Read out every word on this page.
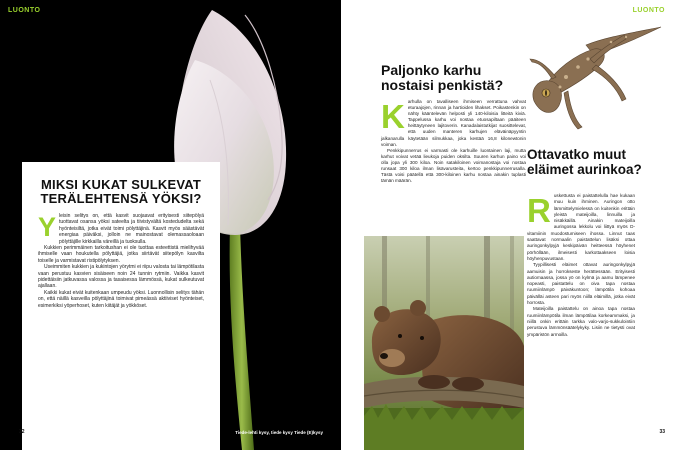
LUONTO
MIKSI KUKAT SULKEVAT TERÄLEHTENSÄ YÖKSI?
Y leisin selitys on, että kasvit suojaavat erityisesti siitepölyä tuottavat osansa yöksi sateelta ja tiivistyvältä kostedudelta sekä hyönteisiltä, jotka eivät toimi pölyttäjinä. Kasvit myös säästävät energiaa päiväksi, jolloin ne mainostavat olemassaoloaan pölyttäjille kirkkailla väreillä ja tuoksulla.

Kukkien perimmäinen tarkoitushan ei ole tuottaa esteettistä mielihyvää ihmiselle vaan houkutella pölyttäjiä, jotka siirtävät siitepölyn kasvilta toiselle ja varmistavat ristipölytyksen.

Useimmiten kukkien ja kukintojen yörytmi ei riipu valosta tai lämpötilasta vaan perustuu kasvien sisäiseen noin 24 tunnin rytmiin. Vaikka kasvit pidettäisiin jatkuvassa valossa ja tasaisessa lämmössä, kukat sulkeutuvat ajallaan.

Kaikki kukat eivät kuitenkaan umpeudu yöksi. Luonnollisin selitys tähän on, että näillä kasveilla pölyttäjinä toimivat pimeässä aktiiviset hyönteiset, esimerkiksi yöperhoset, kuten kiitäjät ja yökköset.

32	Tiede-lehti kysy, tiede kysy Tiede (E)kysy
LUONTO
Paljonko karhu nostaisi penkistä?
K arhulla on tavalliseen ihmiseen verrattuna vahvat eturaajojen, rinnan ja hartioiden lihakset. Poikastenkin on nähty kääntelevän helposti yli 140-kiloisia litteitä kiviä. Tappelussa karhu voi nostaa etuosapiltaan pääiteen heittäytyneen lajitoverin. Kanadalaistutkijat suosittelevat, että uuden manteren karhujen eläväinäpyyntin jalkanarulla käytetään silmukkaa, joka kestää 16,8 kilonewtonin voiman.

Penkkipunnerrus ei varmasti ole karhuille luontainen laji, mutta karhut voivat vetää lieukoja puiden oksilta. Suuren karhun paino voi olla jopa yli 300 kiloa. Noin satakiloinen voimanostaja voi nostaa runsaat 300 kiloa ilman lisävarusteita, kertoo penkkipunnerrusalla. Tästä voisi päätellä että 300-kiloinen karhu nostaa ainakin tuplasti tämän määrän.

Ottavatko muut eläimet aurinkoa?
R uskettusta ei paistattelulla hae kukaan muu kuin ihminen. Auringon otto lämmittelymielessä on kuitenkin erittäin yleistä mateijoilla, linnuilla ja nisäkkäillä. Ainakin mateijoilla auringossa lekkolu voi liittyä myös D-vitamiinin muodostumiseen ihossa. Linnut taas saattavat normaalin paistattelun lisäksi ottaa auringonkylpyjä keskipäivän heitteessä höyhenet pörhöllään, ilmeisesti karkottaakseen loisia höyhenpuvustaan.

Tyypillisesti eläimet ottavat auringonkylpyjä aamuisin ja horrokseste herättessään. Erityisesti autiomaassa, jossa yö on kylmä ja aamu lämpenee nopeasti, paistattelu on oiva tapa nostaa ruumiinlämpö päiväkuntoon; lämpötila kohoaa päivälläi asteen pari myös niillä eläimillä, jotka eivät horrosta.

Mateijoilla paistattelu on ainoa tapa nostaa ruumiinlämpötila ilman lämpötilaa korkeammaksi, ja niillä onkin erittäin tarkka valo-varjo-sukkulointiin perustuva lämmönsäätelykyky. Lisiin ne tietysti ovat ympäristön armoilla.

33
